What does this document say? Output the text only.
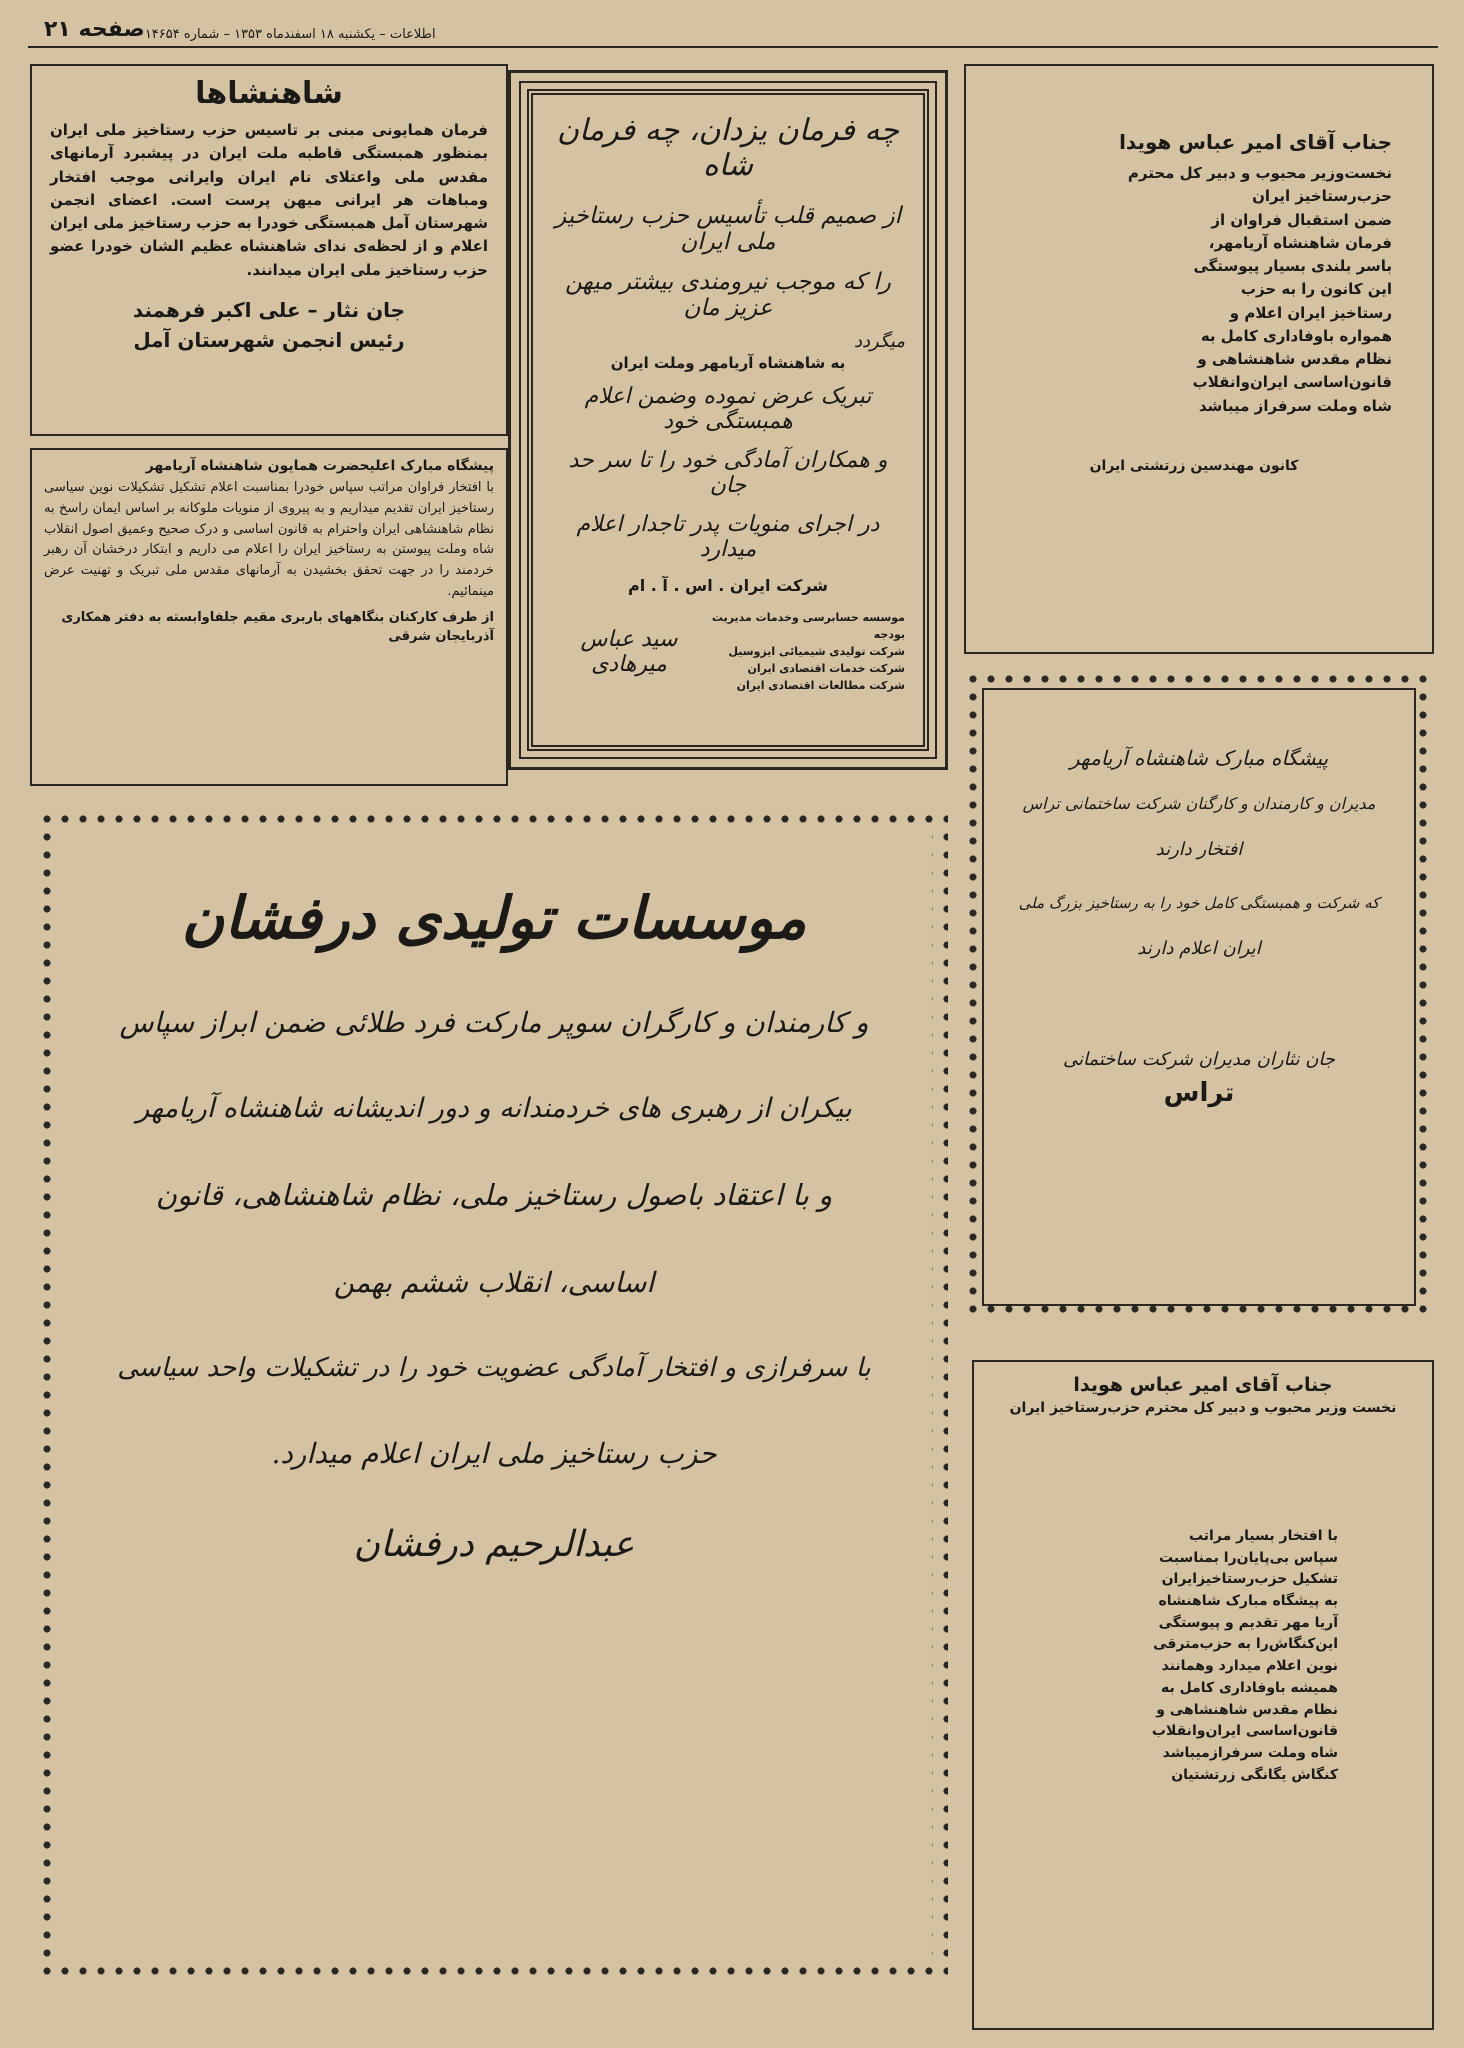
صفحه ۲۱ اطلاعات – یکشنبه ۱۸ اسفندماه ۱۳۵۳ – شماره ۱۴۶۵۴
شاهنشاها
فرمان همایونی مبنی بر تاسیس حزب رستاخیز ملی ایران بمنظور همبستگی قاطبه ملت ایران در پیشبرد آرمانهای مقدس ملی واعتلای نام ایران وایرانی موجب افتخار ومباهات هر ایرانی میهن پرست است. اعضای انجمن شهرستان آمل همبستگی خودرا به حزب رستاخیز ملی ایران اعلام و از لحظه‌ی ندای شاهنشاه عظیم الشان خودرا عضو حزب رستاخیز ملی ایران میدانند.
جان نثار – علی اکبر فرهمند
رئیس انجمن شهرستان آمل
پیشگاه مبارک اعلیحضرت همایون شاهنشاه آریامهر
با افتخار فراوان مراتب سپاس خودرا بمناسبت اعلام تشکیل تشکیلات نوین سیاسی رستاخیز ایران تقدیم میداریم و به پیروی از منویات ملوکانه بر اساس ایمان راسخ به نظام شاهنشاهی ایران واحترام به قانون اساسی و درک صحیح وعمیق اصول انقلاب شاه وملت پیوستن به رستاخیز ایران را اعلام می داریم و ابتکار درخشان آن رهبر خردمند را در جهت تحقق بخشیدن به آرمانهای مقدس ملی تبریک و تهنیت عرض مینمائیم.
از طرف کارکنان بنگاههای باربری مقیم جلفاوابسته به دفتر همکاری آذربایجان شرقی
چه فرمان یزدان، چه فرمان شاه
از صمیم قلب تأسیس حزب رستاخیز ملی ایران
را که موجب نیرومندی بیشتر میهن عزیز مان
میگردد
به شاهنشاه آریامهر وملت ایران
تبریک عرض نموده وضمن اعلام همبستگی خود
و همکاران آمادگی خود را تا سر حد جان
در اجرای منویات پدر تاجدار اعلام میدارد
شرکت ایران . اس . آ . ام
موسسه حسابرسی وخدمات مدیریت بودجه
شرکت تولیدی شیمیائی ایزوسیل
شرکت خدمات اقتصادی ایران
شرکت مطالعات اقتصادی ایران
سید عباس میرهادی
جناب آقای امیر عباس هویدا
نخست‌وزیر محبوب و دبیر کل محترم
حزب‌رستاخیز ایران
ضمن استقبال فراوان از
فرمان شاهنشاه آریامهر،
باسر بلندی بسیار پیوستگی
این کانون را به حزب
رستاخیز ایران اعلام و
همواره باوفاداری کامل به
نظام مقدس شاهنشاهی و
قانون‌اساسی ایران‌وانقلاب
شاه وملت سرفراز میباشد
کانون مهندسین زرتشتی ایران
پیشگاه مبارک شاهنشاه آریامهر
مدیران و کارمندان و کارگنان شرکت ساختمانی تراس
افتخار دارند
که شرکت و همبستگی کامل خود را به رستاخیز بزرگ ملی
ایران اعلام دارند
جان نثاران مدیران شرکت ساختمانی
تراس
جناب آقای امیر عباس هویدا
نخست وزیر محبوب و دبیر کل محترم حزب‌رستاخیز ایران
با افتخار بسیار مراتب
سپاس بی‌پایان‌را بمناسبت
تشکیل حزب‌رستاخیز‌ایران
به پیشگاه مبارک شاهنشاه
آریا مهر تقدیم و پیوستگی
این‌کنگاش‌را به حزب‌مترقی
نوین اعلام میدارد وهمانند
همیشه باوفاداری کامل به
نظام مقدس شاهنشاهی و
قانون‌اساسی ایران‌وانقلاب
شاه وملت سرفرازمیباشد
کنگاش یگانگی زرتشتیان
موسسات تولیدی درفشان
و کارمندان و کارگران سوپر مارکت فرد طلائی ضمن ابراز سپاس
بیکران از رهبری های خردمندانه و دور اندیشانه شاهنشاه آریامهر
و با اعتقاد باصول رستاخیز ملی، نظام شاهنشاهی، قانون
اساسی، انقلاب ششم بهمن
با سرفرازی و افتخار آمادگی عضویت خود را در تشکیلات واحد سیاسی
حزب رستاخیز ملی ایران اعلام میدارد.
عبدالرحیم درفشان
